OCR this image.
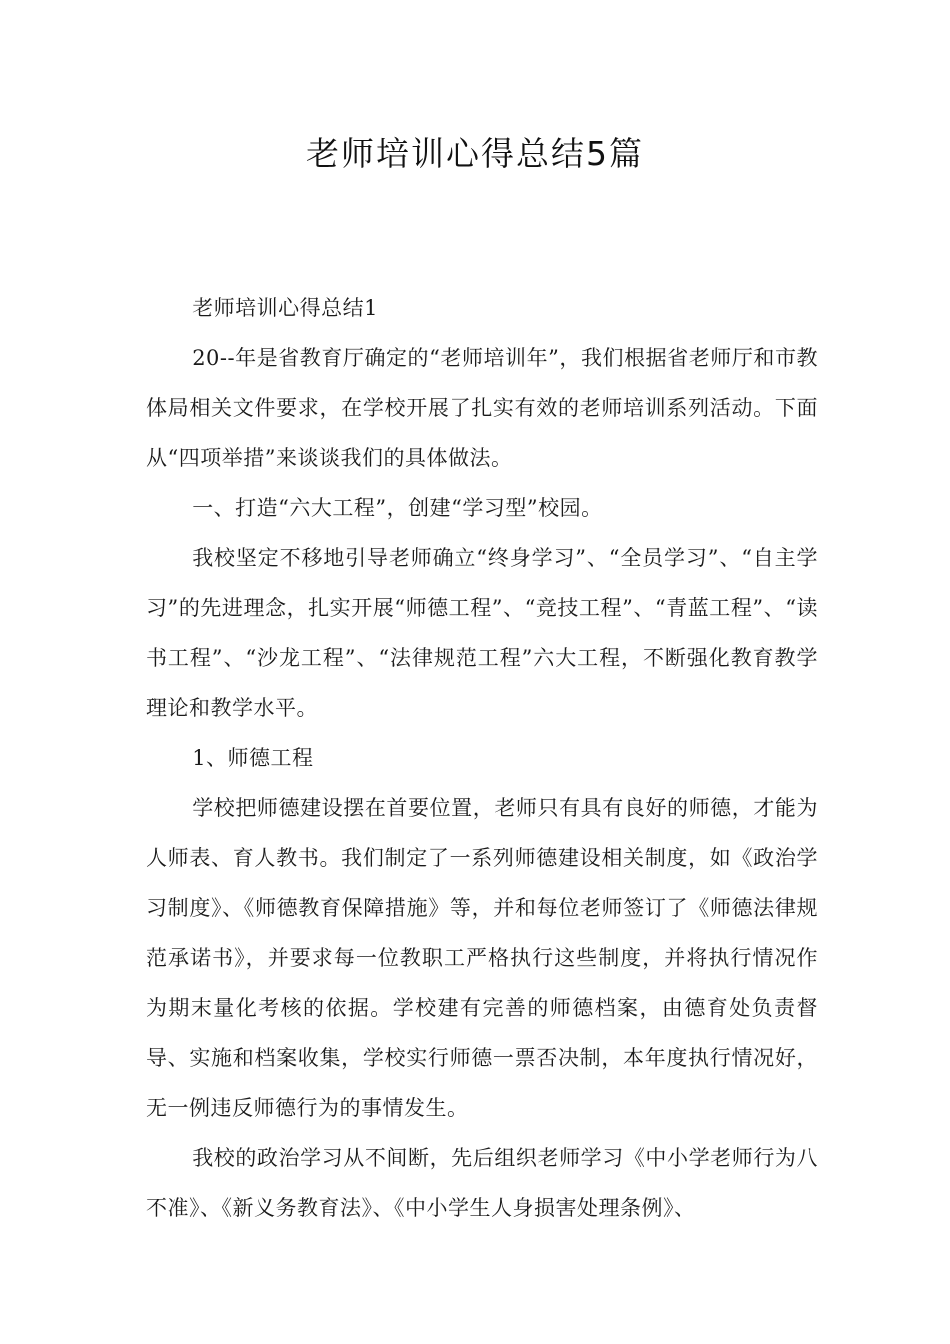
老师培训心得总结5篇

老师培训心得总结1

20--年是省教育厅确定的“老师培训年”，我们根据省老师厅和市教体局相关文件要求，在学校开展了扎实有效的老师培训系列活动。下面从“四项举措”来谈谈我们的具体做法。

一、打造“六大工程”，创建“学习型”校园。

我校坚定不移地引导老师确立“终身学习”、“全员学习”、“自主学习”的先进理念，扎实开展“师德工程”、“竞技工程”、“青蓝工程”、“读书工程”、“沙龙工程”、“法律规范工程”六大工程，不断强化教育教学理论和教学水平。

1、师德工程

学校把师德建设摆在首要位置，老师只有具有良好的师德，才能为人师表、育人教书。我们制定了一系列师德建设相关制度，如《政治学习制度》、《师德教育保障措施》等，并和每位老师签订了《师德法律规范承诺书》，并要求每一位教职工严格执行这些制度，并将执行情况作为期末量化考核的依据。学校建有完善的师德档案，由德育处负责督导、实施和档案收集，学校实行师德一票否决制，本年度执行情况好，无一例违反师德行为的事情发生。

我校的政治学习从不间断，先后组织老师学习《中小学老师行为八不准》、《新义务教育法》、《中小学生人身损害处理条例》、
